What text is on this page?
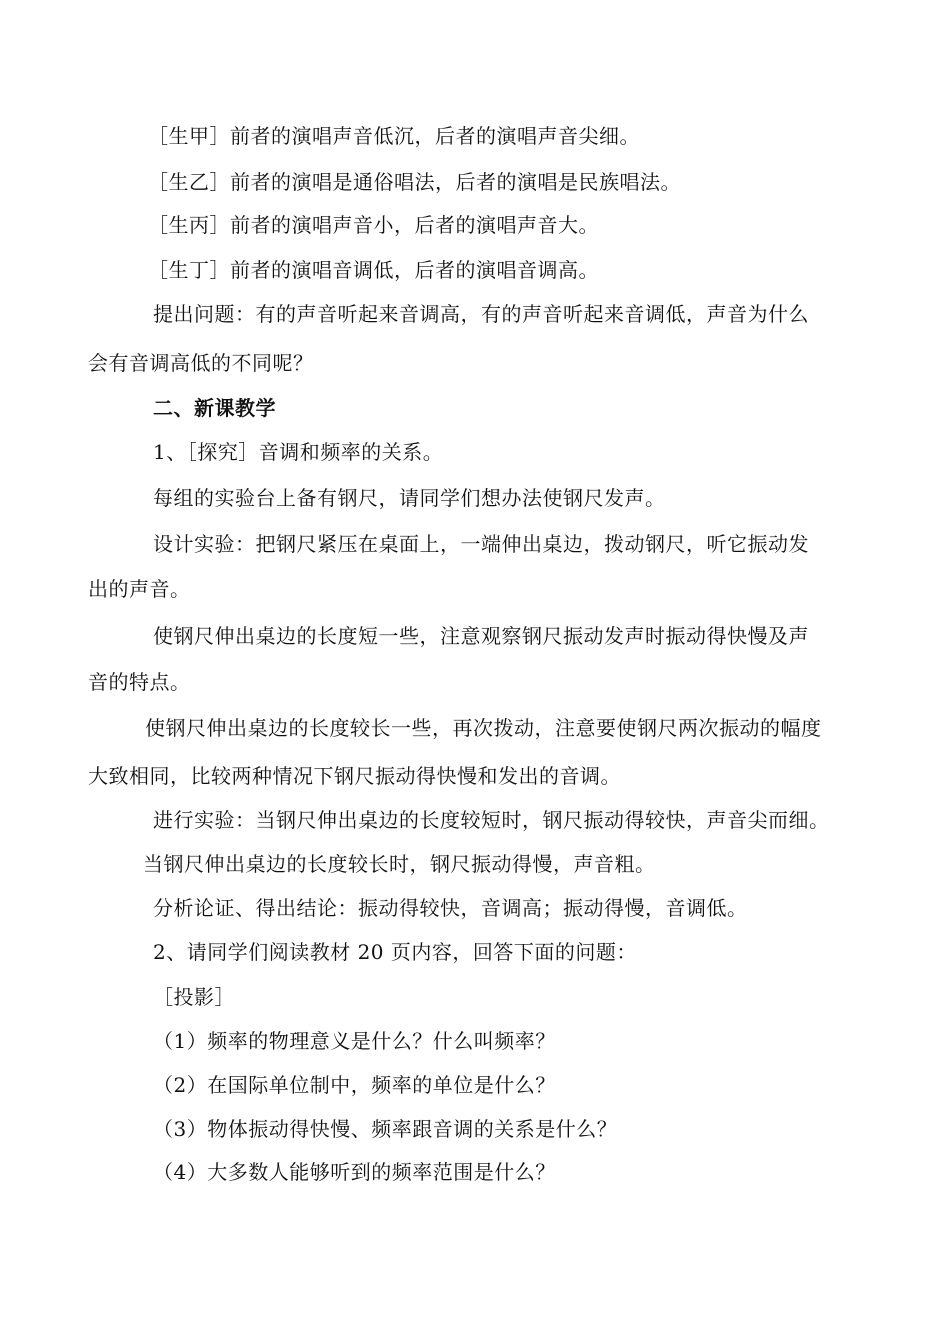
［生甲］前者的演唱声音低沉，后者的演唱声音尖细。
［生乙］前者的演唱是通俗唱法，后者的演唱是民族唱法。
［生丙］前者的演唱声音小，后者的演唱声音大。
［生丁］前者的演唱音调低，后者的演唱音调高。
提出问题：有的声音听起来音调高，有的声音听起来音调低，声音为什么
会有音调高低的不同呢？
二、新课教学
1、［探究］音调和频率的关系。
每组的实验台上备有钢尺，请同学们想办法使钢尺发声。
设计实验：把钢尺紧压在桌面上，一端伸出桌边，拨动钢尺，听它振动发
出的声音。
使钢尺伸出桌边的长度短一些，注意观察钢尺振动发声时振动得快慢及声
音的特点。
使钢尺伸出桌边的长度较长一些，再次拨动，注意要使钢尺两次振动的幅度
大致相同，比较两种情况下钢尺振动得快慢和发出的音调。
进行实验：当钢尺伸出桌边的长度较短时，钢尺振动得较快，声音尖而细。
当钢尺伸出桌边的长度较长时，钢尺振动得慢，声音粗。
分析论证、得出结论：振动得较快，音调高；振动得慢，音调低。
2、请同学们阅读教材 20 页内容，回答下面的问题：
［投影］
（1）频率的物理意义是什么？什么叫频率？
（2）在国际单位制中，频率的单位是什么？
（3）物体振动得快慢、频率跟音调的关系是什么？
（4）大多数人能够听到的频率范围是什么？
